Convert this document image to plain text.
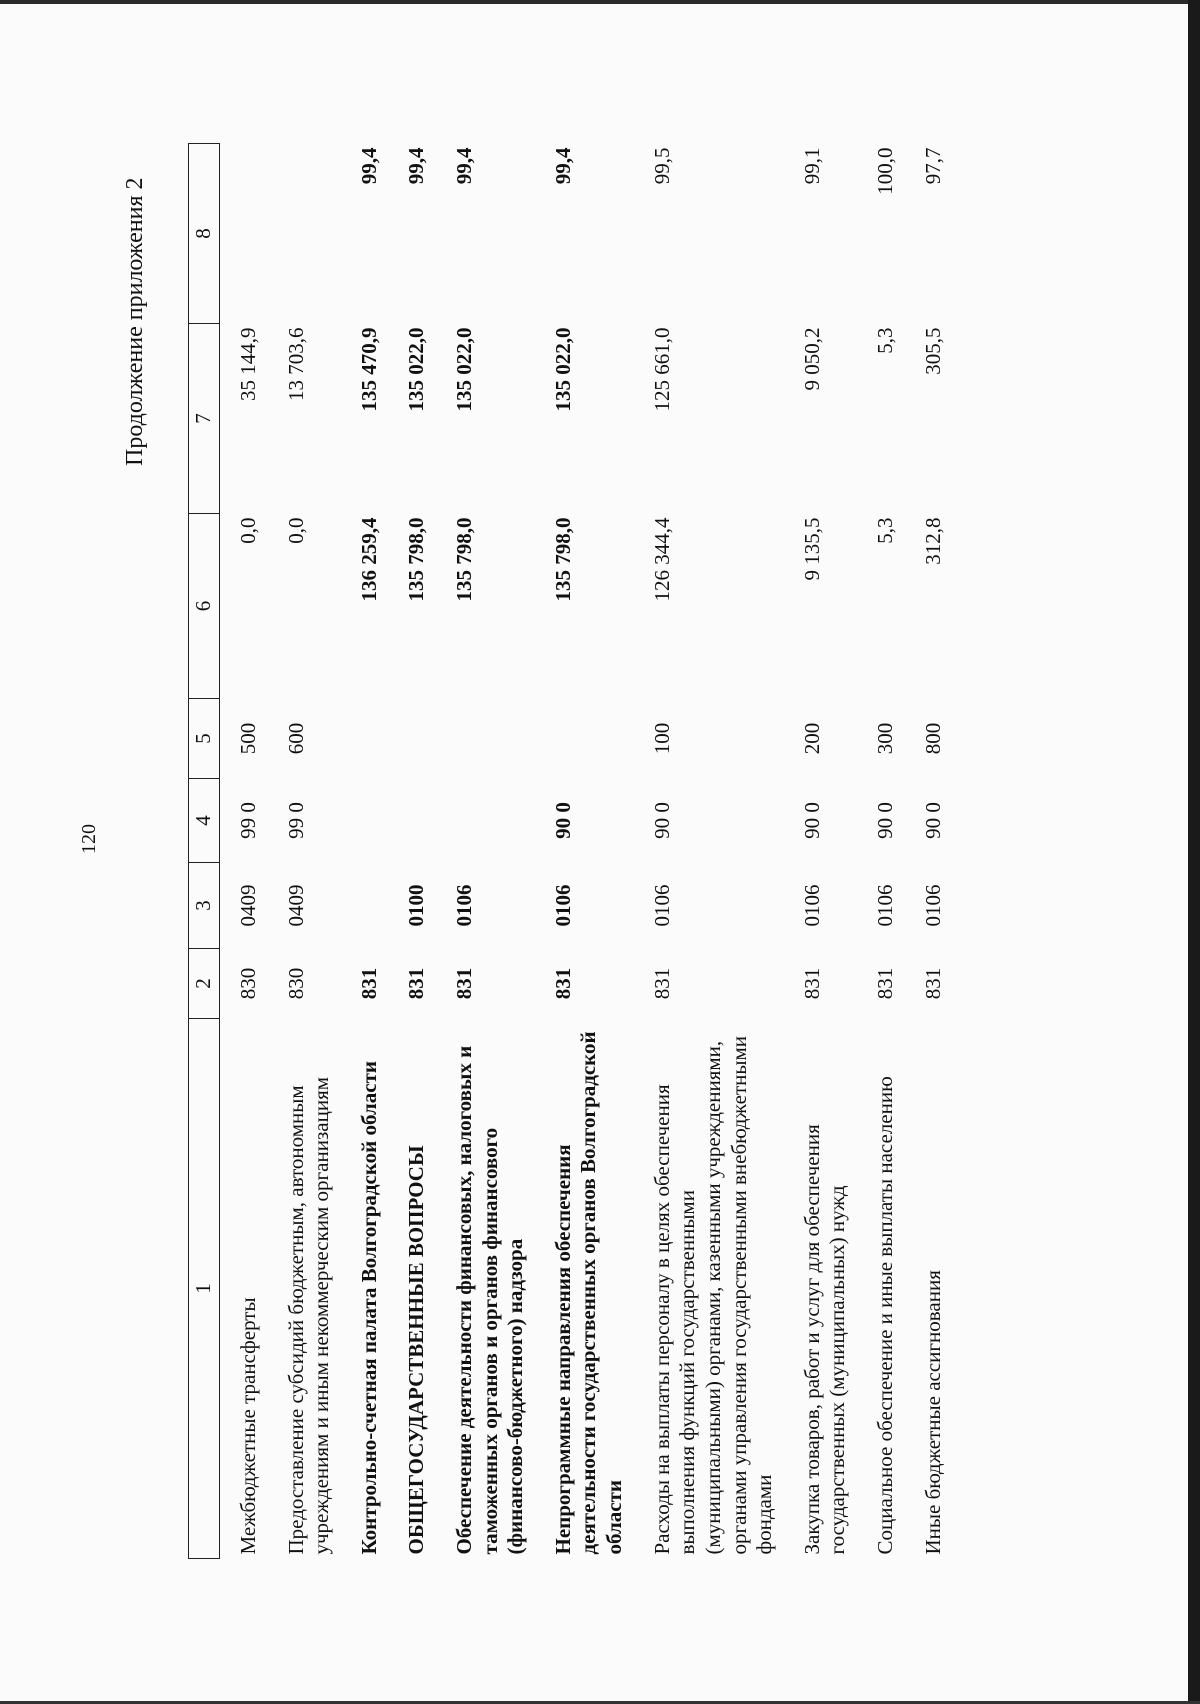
120
Продолжение приложения 2
1	2	3	4	5	6	7	8
Межбюджетные трансферты	830	0409	99 0	500	0,0	35 144,9	
Предоставление субсидий бюджетным, автономным учреждениям и иным некоммерческим организациям	830	0409	99 0	600	0,0	13 703,6	
Контрольно-счетная палата Волгоградской области	831				136 259,4	135 470,9	99,4
ОБЩЕГОСУДАРСТВЕННЫЕ ВОПРОСЫ	831	0100			135 798,0	135 022,0	99,4
Обеспечение деятельности финансовых, налоговых и таможенных органов и органов финансового (финансово-бюджетного) надзора	831	0106			135 798,0	135 022,0	99,4
Непрограммные направления обеспечения деятельности государственных органов Волгоградской области	831	0106	90 0		135 798,0	135 022,0	99,4
Расходы на выплаты персоналу в целях обеспечения выполнения функций государственными (муниципальными) органами, казенными учреждениями, органами управления государственными внебюджетными фондами	831	0106	90 0	100	126 344,4	125 661,0	99,5
Закупка товаров, работ и услуг для обеспечения государственных (муниципальных) нужд	831	0106	90 0	200	9 135,5	9 050,2	99,1
Социальное обеспечение и иные выплаты населению	831	0106	90 0	300	5,3	5,3	100,0
Иные бюджетные ассигнования	831	0106	90 0	800	312,8	305,5	97,7
